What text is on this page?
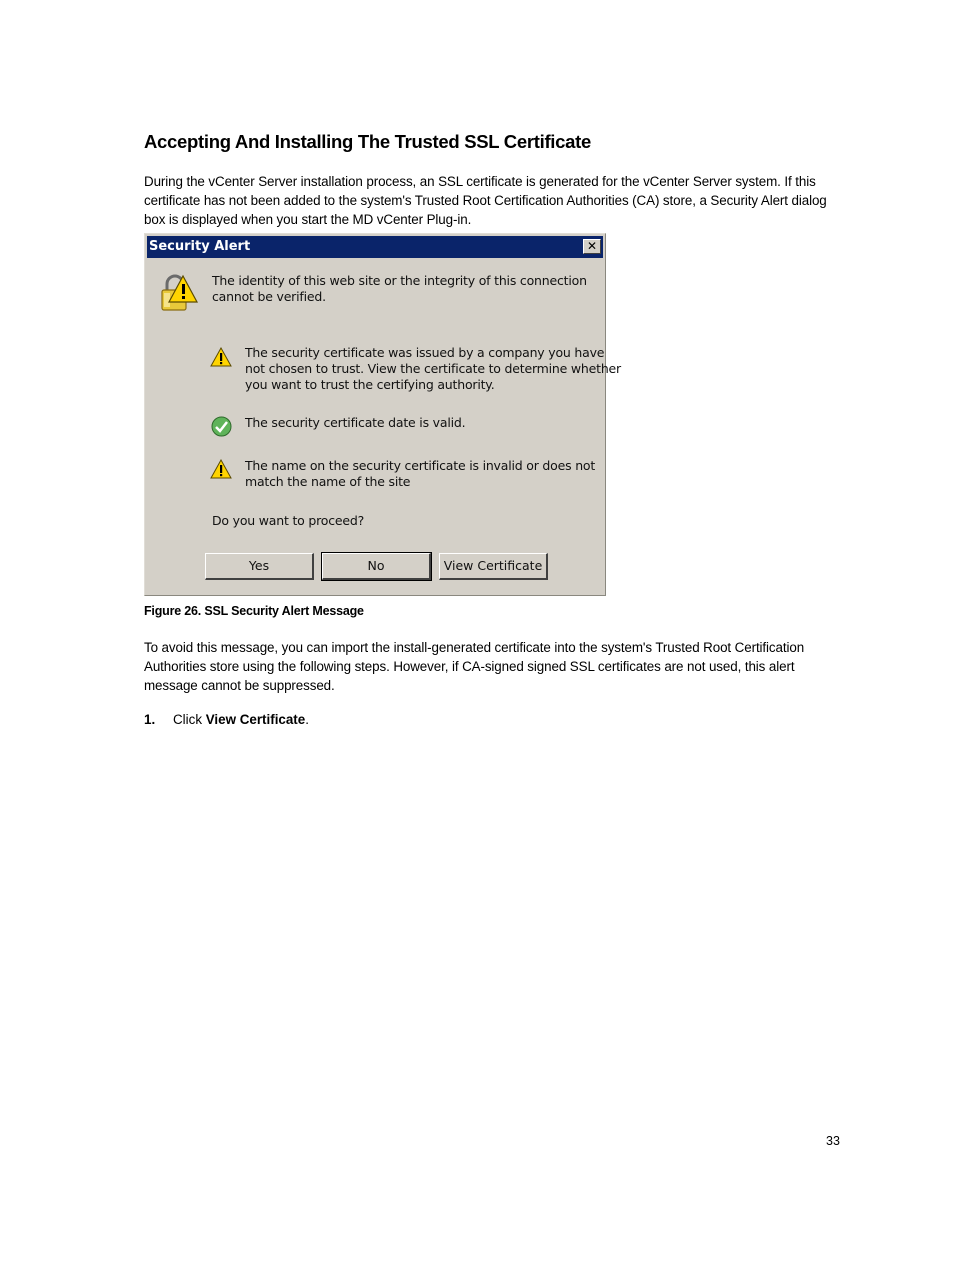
Accepting And Installing The Trusted SSL Certificate
During the vCenter Server installation process, an SSL certificate is generated for the vCenter Server system. If this
certificate has not been added to the system's Trusted Root Certification Authorities (CA) store, a Security Alert dialog
box is displayed when you start the MD vCenter Plug-in.
Security Alert	✕
The identity of this web site or the integrity of this connection
cannot be verified.
The security certificate was issued by a company you have
not chosen to trust. View the certificate to determine whether
you want to trust the certifying authority.
The security certificate date is valid.
The name on the security certificate is invalid or does not
match the name of the site
Do you want to proceed?
Yes	No	View Certificate
Figure 26. SSL Security Alert Message
To avoid this message, you can import the install-generated certificate into the system's Trusted Root Certification
Authorities store using the following steps. However, if CA-signed signed SSL certificates are not used, this alert
message cannot be suppressed.
1. Click View Certificate.
33
